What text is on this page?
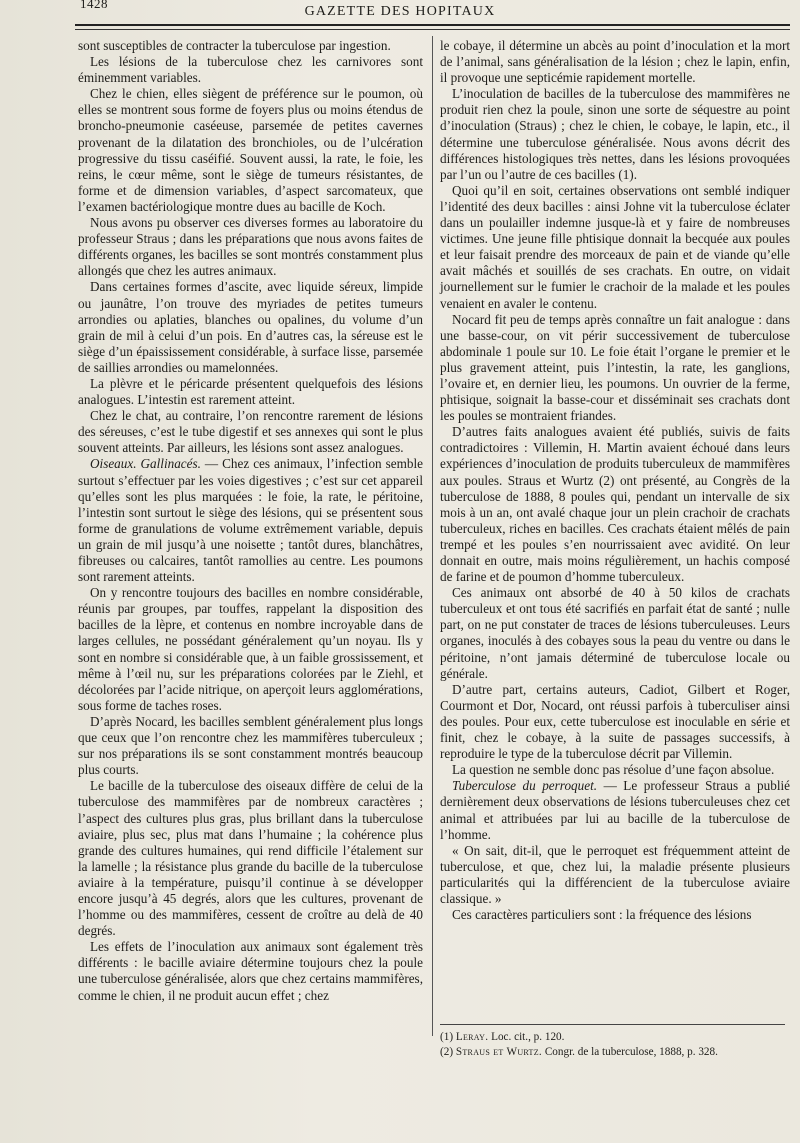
1428
GAZETTE DES HOPITAUX

sont susceptibles de contracter la tuberculose par ingestion.

Les lésions de la tuberculose chez les carnivores sont éminemment variables.

Chez le chien, elles siègent de préférence sur le poumon, où elles se montrent sous forme de foyers plus ou moins étendus de broncho-pneumonie caséeuse, parsemée de petites cavernes provenant de la dilatation des bronchioles, ou de l’ulcération progressive du tissu caséifié. Souvent aussi, la rate, le foie, les reins, le cœur même, sont le siège de tumeurs résistantes, de forme et de dimension variables, d’aspect sarcomateux, que l’examen bactériologique montre dues au bacille de Koch.

Nous avons pu observer ces diverses formes au laboratoire du professeur Straus ; dans les préparations que nous avons faites de différents organes, les bacilles se sont montrés constamment plus allongés que chez les autres animaux.

Dans certaines formes d’ascite, avec liquide séreux, limpide ou jaunâtre, l’on trouve des myriades de petites tumeurs arrondies ou aplaties, blanches ou opalines, du volume d’un grain de mil à celui d’un pois. En d’autres cas, la séreuse est le siège d’un épaississement considérable, à surface lisse, parsemée de saillies arrondies ou mamelonnées.

La plèvre et le péricarde présentent quelquefois des lésions analogues. L’intestin est rarement atteint.

Chez le chat, au contraire, l’on rencontre rarement de lésions des séreuses, c’est le tube digestif et ses annexes qui sont le plus souvent atteints. Par ailleurs, les lésions sont assez analogues.

Oiseaux. Gallinacés. — Chez ces animaux, l’infection semble surtout s’effectuer par les voies digestives ; c’est sur cet appareil qu’elles sont les plus marquées : le foie, la rate, le péritoine, l’intestin sont surtout le siège des lésions, qui se présentent sous forme de granulations de volume extrêmement variable, depuis un grain de mil jusqu’à une noisette ; tantôt dures, blanchâtres, fibreuses ou calcaires, tantôt ramollies au centre. Les poumons sont rarement atteints.

On y rencontre toujours des bacilles en nombre considérable, réunis par groupes, par touffes, rappelant la disposition des bacilles de la lèpre, et contenus en nombre incroyable dans de larges cellules, ne possédant généralement qu’un noyau. Ils y sont en nombre si considérable que, à un faible grossissement, et même à l’œil nu, sur les préparations colorées par le Ziehl, et décolorées par l’acide nitrique, on aperçoit leurs agglomérations, sous forme de taches roses.

D’après Nocard, les bacilles semblent généralement plus longs que ceux que l’on rencontre chez les mammifères tuberculeux ; sur nos préparations ils se sont constamment montrés beaucoup plus courts.

Le bacille de la tuberculose des oiseaux diffère de celui de la tuberculose des mammifères par de nombreux caractères ; l’aspect des cultures plus gras, plus brillant dans la tuberculose aviaire, plus sec, plus mat dans l’humaine ; la cohérence plus grande des cultures humaines, qui rend difficile l’étalement sur la lamelle ; la résistance plus grande du bacille de la tuberculose aviaire à la température, puisqu’il continue à se développer encore jusqu’à 45 degrés, alors que les cultures, provenant de l’homme ou des mammifères, cessent de croître au delà de 40 degrés.

Les effets de l’inoculation aux animaux sont également très différents : le bacille aviaire détermine toujours chez la poule une tuberculose généralisée, alors que chez certains mammifères, comme le chien, il ne produit aucun effet ; chez

le cobaye, il détermine un abcès au point d’inoculation et la mort de l’animal, sans généralisation de la lésion ; chez le lapin, enfin, il provoque une septicémie rapidement mortelle.

L’inoculation de bacilles de la tuberculose des mammifères ne produit rien chez la poule, sinon une sorte de séquestre au point d’inoculation (Straus) ; chez le chien, le cobaye, le lapin, etc., il détermine une tuberculose généralisée. Nous avons décrit des différences histologiques très nettes, dans les lésions provoquées par l’un ou l’autre de ces bacilles (1).

Quoi qu’il en soit, certaines observations ont semblé indiquer l’identité des deux bacilles : ainsi Johne vit la tuberculose éclater dans un poulailler indemne jusque-là et y faire de nombreuses victimes. Une jeune fille phtisique donnait la becquée aux poules et leur faisait prendre des morceaux de pain et de viande qu’elle avait mâchés et souillés de ses crachats. En outre, on vidait journellement sur le fumier le crachoir de la malade et les poules venaient en avaler le contenu.

Nocard fit peu de temps après connaître un fait analogue : dans une basse-cour, on vit périr successivement de tuberculose abdominale 1 poule sur 10. Le foie était l’organe le premier et le plus gravement atteint, puis l’intestin, la rate, les ganglions, l’ovaire et, en dernier lieu, les poumons. Un ouvrier de la ferme, phtisique, soignait la basse-cour et disséminait ses crachats dont les poules se montraient friandes.

D’autres faits analogues avaient été publiés, suivis de faits contradictoires : Villemin, H. Martin avaient échoué dans leurs expériences d’inoculation de produits tuberculeux de mammifères aux poules. Straus et Wurtz (2) ont présenté, au Congrès de la tuberculose de 1888, 8 poules qui, pendant un intervalle de six mois à un an, ont avalé chaque jour un plein crachoir de crachats tuberculeux, riches en bacilles. Ces crachats étaient mêlés de pain trempé et les poules s’en nourrissaient avec avidité. On leur donnait en outre, mais moins régulièrement, un hachis composé de farine et de poumon d’homme tuberculeux.

Ces animaux ont absorbé de 40 à 50 kilos de crachats tuberculeux et ont tous été sacrifiés en parfait état de santé ; nulle part, on ne put constater de traces de lésions tuberculeuses. Leurs organes, inoculés à des cobayes sous la peau du ventre ou dans le péritoine, n’ont jamais déterminé de tuberculose locale ou générale.

D’autre part, certains auteurs, Cadiot, Gilbert et Roger, Courmont et Dor, Nocard, ont réussi parfois à tuberculiser ainsi des poules. Pour eux, cette tuberculose est inoculable en série et finit, chez le cobaye, à la suite de passages successifs, à reproduire le type de la tuberculose décrit par Villemin.

La question ne semble donc pas résolue d’une façon absolue.

Tuberculose du perroquet. — Le professeur Straus a publié dernièrement deux observations de lésions tuberculeuses chez cet animal et attribuées par lui au bacille de la tuberculose de l’homme.

« On sait, dit-il, que le perroquet est fréquemment atteint de tuberculose, et que, chez lui, la maladie présente plusieurs particularités qui la différencient de la tuberculose aviaire classique. »

Ces caractères particuliers sont : la fréquence des lésions

(1) Leray. Loc. cit., p. 120.
(2) Straus et Wurtz. Congr. de la tuberculose, 1888, p. 328.
